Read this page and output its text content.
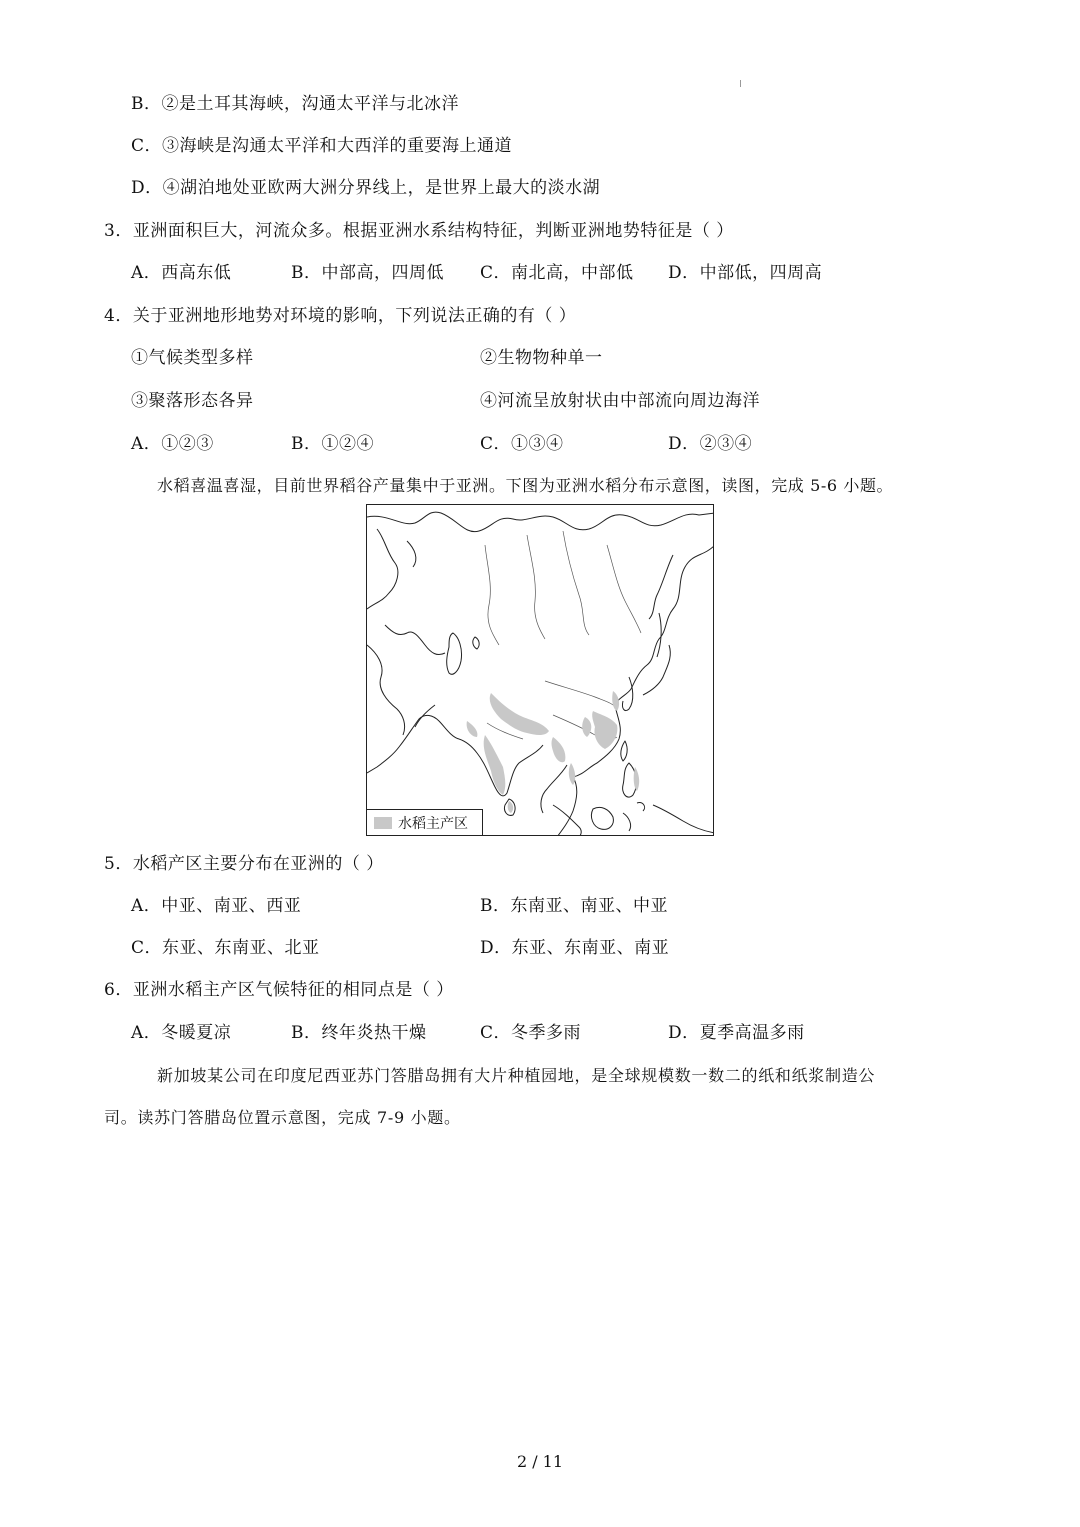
B．②是土耳其海峡，沟通太平洋与北冰洋
C．③海峡是沟通太平洋和大西洋的重要海上通道
D．④湖泊地处亚欧两大洲分界线上，是世界上最大的淡水湖
3．亚洲面积巨大，河流众多。根据亚洲水系结构特征，判断亚洲地势特征是（ ）
A．西高东低	B．中部高，四周低 C．南北高，中部低 D．中部低，四周高
4．关于亚洲地形地势对环境的影响，下列说法正确的有（ ）
①气候类型多样	②生物物种单一
③聚落形态各异	④河流呈放射状由中部流向周边海洋
A．①②③	B．①②④	C．①③④	D．②③④
水稻喜温喜湿，目前世界稻谷产量集中于亚洲。下图为亚洲水稻分布示意图，读图，完成 5-6 小题。
水稻主产区
5．水稻产区主要分布在亚洲的（ ）
A．中亚、南亚、西亚	B．东南亚、南亚、中亚
C．东亚、东南亚、北亚	D．东亚、东南亚、南亚
6．亚洲水稻主产区气候特征的相同点是（ ）
A．冬暖夏凉	B．终年炎热干燥	C．冬季多雨	D．夏季高温多雨
新加坡某公司在印度尼西亚苏门答腊岛拥有大片种植园地，是全球规模数一数二的纸和纸浆制造公
司。读苏门答腊岛位置示意图，完成 7-9 小题。
2 / 11
